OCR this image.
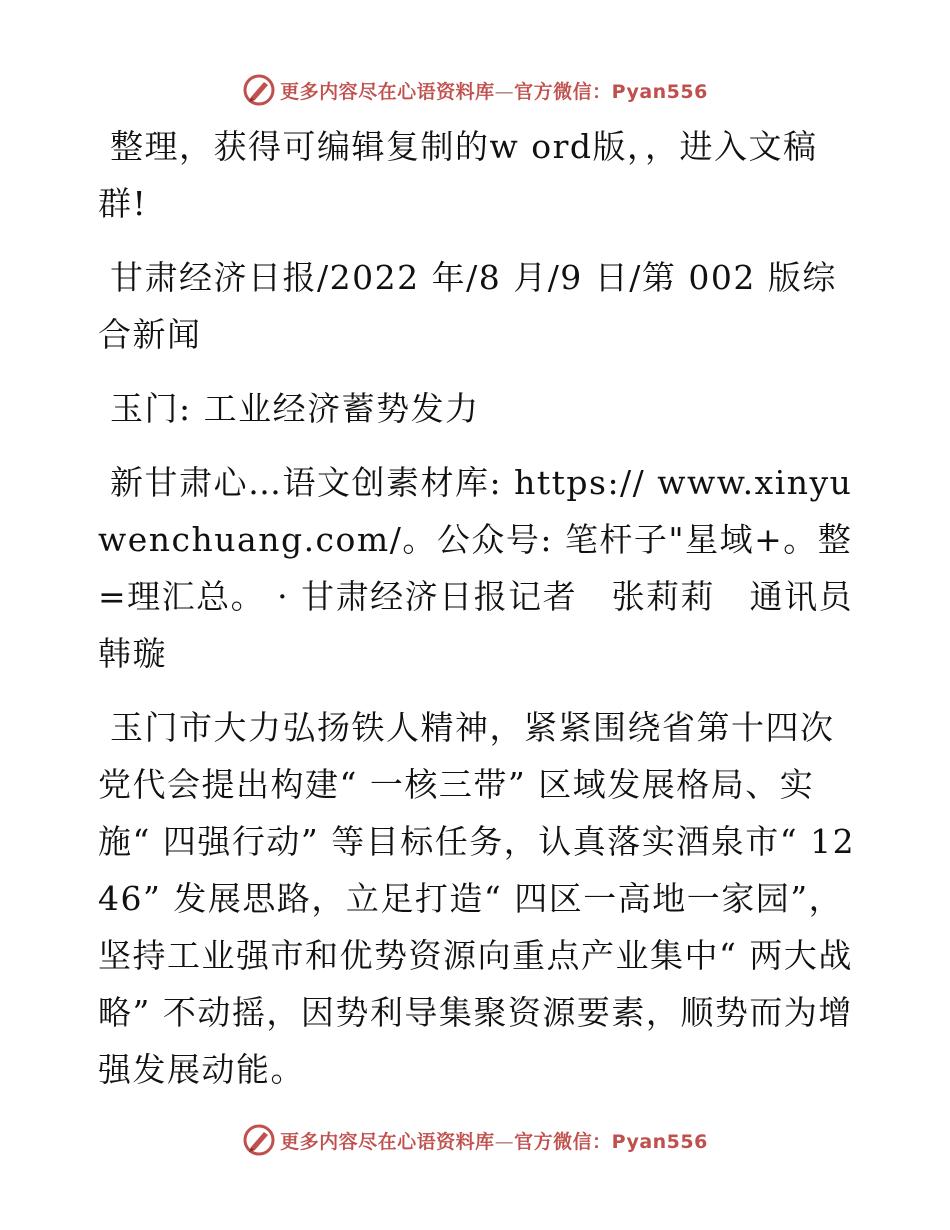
更多内容尽在心语资料库—官方微信：Pyan556

整理，获得可编辑复制的w ord版，，进入文稿群!

甘肃经济日报/2022 年/8 月/9 日/第 002 版综合新闻

玉门: 工业经济蓄势发力

新甘肃心…语文创素材库: https:// www.xinyuwenchuang.com/。公众号: 笔杆子"星域+。整=理汇总。 · 甘肃经济日报记者　张莉莉　通讯员　韩璇

玉门市大力弘扬铁人精神，紧紧围绕省第十四次党代会提出构建“ 一核三带” 区域发展格局、实施“ 四强行动” 等目标任务，认真落实酒泉市“ 1246” 发展思路，立足打造“ 四区一高地一家园”，坚持工业强市和优势资源向重点产业集中“ 两大战略” 不动摇，因势利导集聚资源要素，顺势而为增强发展动能。

更多内容尽在心语资料库—官方微信：Pyan556
